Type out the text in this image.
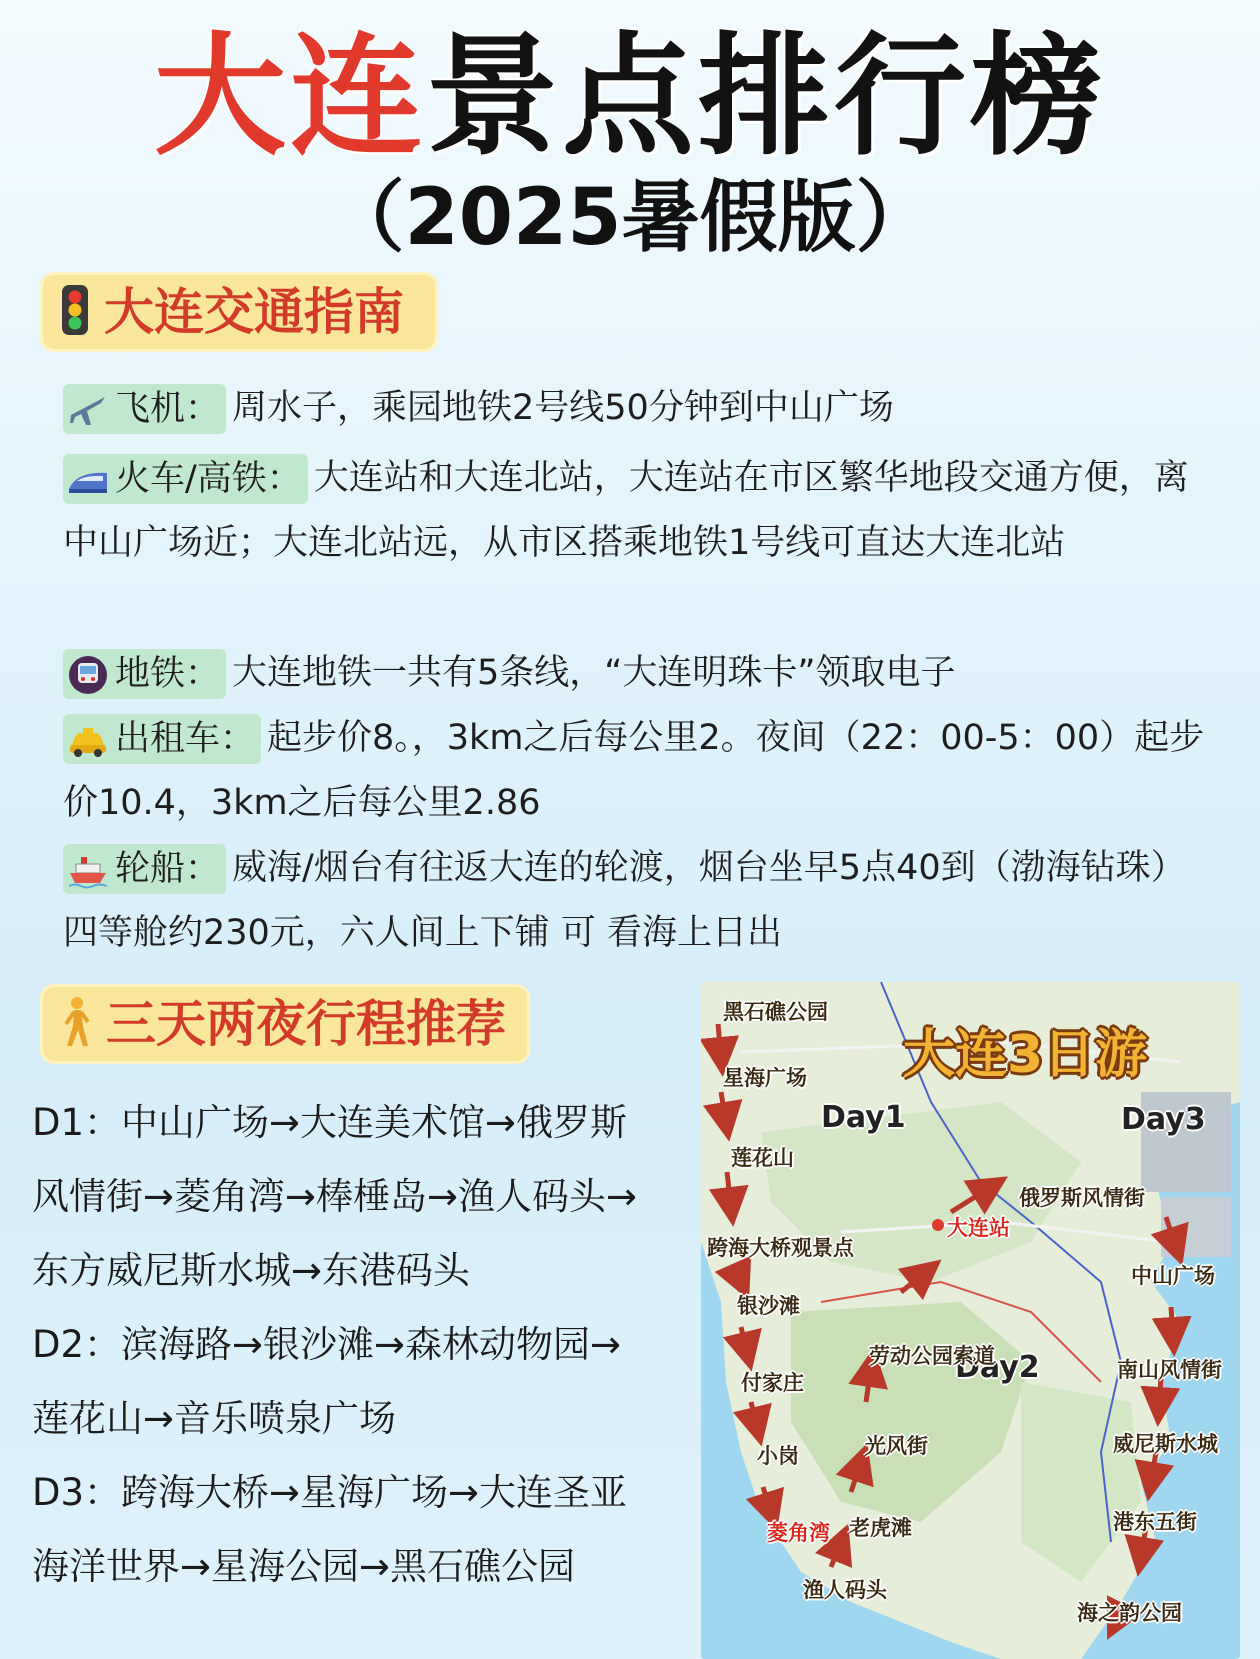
大连景点排行榜
（2025暑假版）
大连交通指南
飞机： 周水子，乘园地铁2号线50分钟到中山广场
火车/高铁： 大连站和大连北站，大连站在市区繁华地段交通方便，离中山广场近；大连北站远，从市区搭乘地铁1号线可直达大连北站
地铁： 大连地铁一共有5条线，“大连明珠卡”领取电子
出租车： 起步价8。，3km之后每公里2。夜间（22：00-5：00）起步价10.4，3km之后每公里2.86
轮船： 威海/烟台有往返大连的轮渡，烟台坐早5点40到（渤海钻珠）四等舱约230元，六人间上下铺 可 看海上日出
三天两夜行程推荐

D1：中山广场→大连美术馆→俄罗斯风情街→菱角湾→棒棰岛→渔人码头→东方威尼斯水城→东港码头

D2：滨海路→银沙滩→森林动物园→莲花山→音乐喷泉广场

D3：跨海大桥→星海广场→大连圣亚海洋世界→星海公园→黑石礁公园

大连3日游
Day1
Day2
Day3
黑石礁公园
星海广场
莲花山
跨海大桥观景点
银沙滩
付家庄
小岗
菱角湾
渔人码头
老虎滩
光风街
劳动公园索道
大连站
俄罗斯风情街
中山广场
南山风情街
威尼斯水城
港东五街
海之韵公园
